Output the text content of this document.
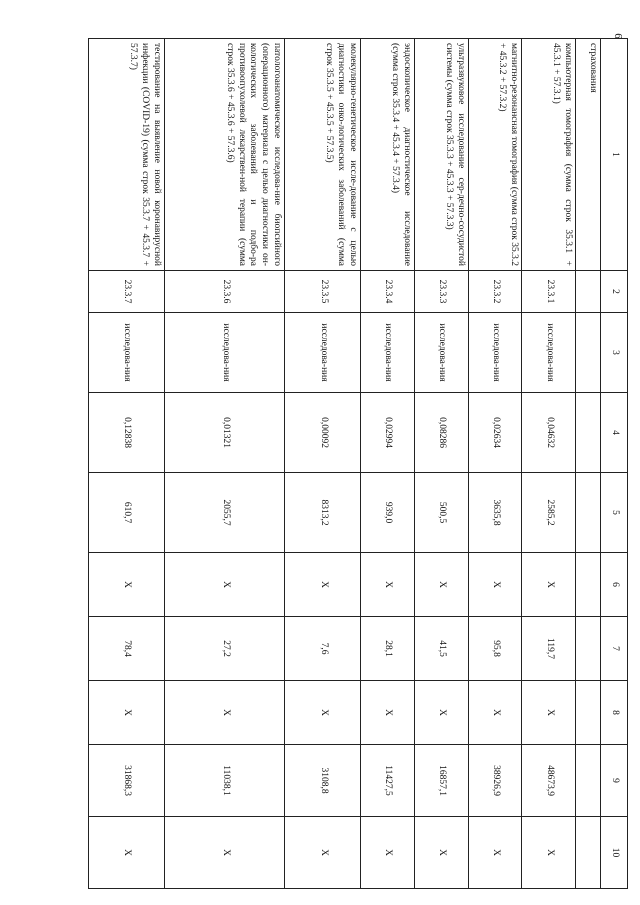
6
1	2	3	4	5	6	7	8	9	10
страхования									
компьютерная томография (сумма строк 35.3.1 + 45.3.1 + 57.3.1)	23.3.1	исследова-ния	0,04632	2585,2	X	119,7	X	48673,9	X
магнитно-резонансная томография (сумма строк 35.3.2 + 45.3.2 + 57.3.2)	23.3.2	исследова-ния	0,02634	3635,8	X	95,8	X	38926,9	X
ультразвуковое исследование сер-дечно-сосудистой системы (сумма строк 35.3.3 + 45.3.3 + 57.3.3)	23.3.3	исследова-ния	0,08286	500,5	X	41,5	X	16857,1	X
эндоскопическое диагностическое исследование (сумма строк 35.3.4 + 45.3.4 + 57.3.4)	23.3.4	исследова-ния	0,02994	939,0	X	28,1	X	11427,5	X
молекулярно-генетическое иссле-дование с целью диагностики онко-логических заболеваний (сумма строк 35.3.5 + 45.3.5 + 57.3.5)	23.3.5	исследова-ния	0,00092	8313,2	X	7,6	X	3108,8	X
патологоанатомическое исследова-ние биопсийного (операционного) материала с целью диагностики он-кологических заболеваний и подбо-ра противоопухолевой лекарствен-ной терапии (сумма строк 35.3.6 + 45.3.6 + 57.3.6)	23.3.6	исследова-ния	0,01321	2055,7	X	27,2	X	11038,1	X
тестирование на выявление новой коронавирусной инфекции (COVID-19) (сумма строк 35.3.7 + 45.3.7 + 57.3.7)	23.3.7	исследова-ния	0,12838	610,7	X	78,4	X	31868,3	X
